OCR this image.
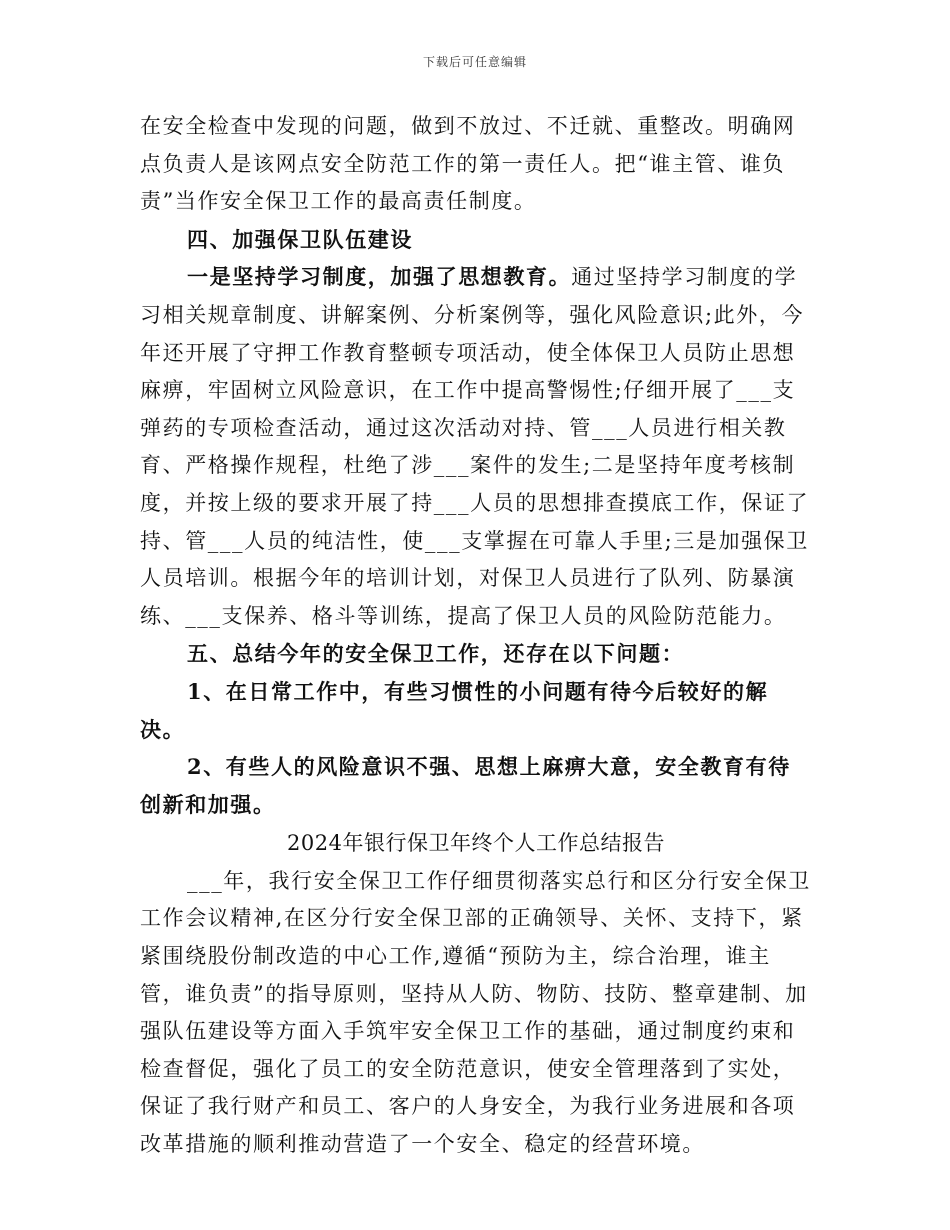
下载后可任意编辑

在安全检查中发现的问题，做到不放过、不迁就、重整改。明确网点负责人是该网点安全防范工作的第一责任人。把“谁主管、谁负责”当作安全保卫工作的最高责任制度。

四、加强保卫队伍建设

一是坚持学习制度，加强了思想教育。通过坚持学习制度的学习相关规章制度、讲解案例、分析案例等，强化风险意识;此外，今年还开展了守押工作教育整顿专项活动，使全体保卫人员防止思想麻痹，牢固树立风险意识，在工作中提高警惕性;仔细开展了___支弹药的专项检查活动，通过这次活动对持、管___人员进行相关教育、严格操作规程，杜绝了涉___案件的发生;二是坚持年度考核制度，并按上级的要求开展了持___人员的思想排查摸底工作，保证了持、管___人员的纯洁性，使___支掌握在可靠人手里;三是加强保卫人员培训。根据今年的培训计划，对保卫人员进行了队列、防暴演练、___支保养、格斗等训练，提高了保卫人员的风险防范能力。

五、总结今年的安全保卫工作，还存在以下问题：

1、在日常工作中，有些习惯性的小问题有待今后较好的解决。

2、有些人的风险意识不强、思想上麻痹大意，安全教育有待创新和加强。

2024年银行保卫年终个人工作总结报告

___年，我行安全保卫工作仔细贯彻落实总行和区分行安全保卫工作会议精神,在区分行安全保卫部的正确领导、关怀、支持下，紧紧围绕股份制改造的中心工作,遵循“预防为主，综合治理，谁主管，谁负责”的指导原则，坚持从人防、物防、技防、整章建制、加强队伍建设等方面入手筑牢安全保卫工作的基础，通过制度约束和检查督促，强化了员工的安全防范意识，使安全管理落到了实处，保证了我行财产和员工、客户的人身安全，为我行业务进展和各项改革措施的顺利推动营造了一个安全、稳定的经营环境。
